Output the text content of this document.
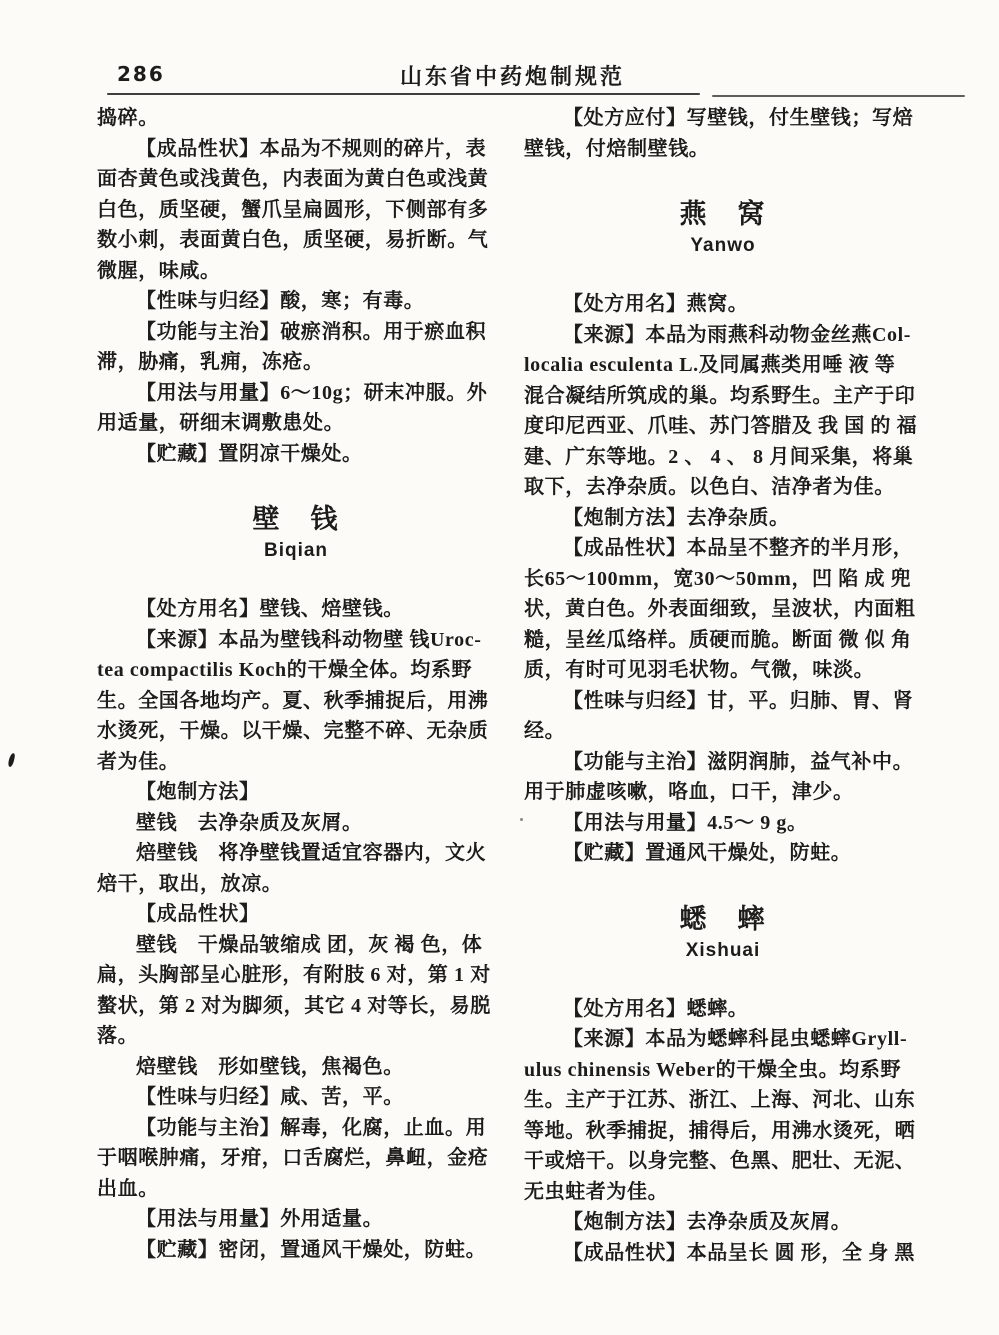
286	山东省中药炮制规范
捣碎。
【成品性状】本品为不规则的碎片，表
面杏黄色或浅黄色，内表面为黄白色或浅黄
白色，质坚硬，蟹爪呈扁圆形，下侧部有多
数小刺，表面黄白色，质坚硬，易折断。气
微腥，味咸。
【性味与归经】酸，寒；有毒。
【功能与主治】破瘀消积。用于瘀血积
滞，胁痛，乳痈，冻疮。
【用法与用量】6～10g；研末冲服。外
用适量，研细末调敷患处。
【贮藏】置阴凉干燥处。
壁　钱
Biqian
【处方用名】壁钱、焙壁钱。
【来源】本品为壁钱科动物壁 钱Uroc-
tea compactilis Koch的干燥全体。均系野
生。全国各地均产。夏、秋季捕捉后，用沸
水烫死，干燥。以干燥、完整不碎、无杂质
者为佳。
【炮制方法】
壁钱　去净杂质及灰屑。
焙壁钱　将净壁钱置适宜容器内，文火
焙干，取出，放凉。
【成品性状】
壁钱　干燥品皱缩成 团，灰 褐 色，体
扁，头胸部呈心脏形，有附肢 6 对，第 1 对
螯状，第 2 对为脚须，其它 4 对等长，易脱
落。
焙壁钱　形如壁钱，焦褐色。
【性味与归经】咸、苦，平。
【功能与主治】解毒，化腐，止血。用
于咽喉肿痛，牙疳，口舌腐烂，鼻衄，金疮
出血。
【用法与用量】外用适量。
【贮藏】密闭，置通风干燥处，防蛀。
【处方应付】写壁钱，付生壁钱；写焙
壁钱，付焙制壁钱。
燕　窝
Yanwo
【处方用名】燕窝。
【来源】本品为雨燕科动物金丝燕Col-
localia esculenta L.及同属燕类用唾 液 等
混合凝结所筑成的巢。均系野生。主产于印
度印尼西亚、爪哇、苏门答腊及 我 国 的 福
建、广东等地。2 、 4 、 8 月间采集，将巢
取下，去净杂质。以色白、洁净者为佳。
【炮制方法】去净杂质。
【成品性状】本品呈不整齐的半月形，
长65～100mm，宽30～50mm，凹 陷 成 兜
状，黄白色。外表面细致，呈波状，内面粗
糙，呈丝瓜络样。质硬而脆。断面 微 似 角
质，有时可见羽毛状物。气微，味淡。
【性味与归经】甘，平。归肺、胃、肾
经。
【功能与主治】滋阴润肺，益气补中。
用于肺虚咳嗽，咯血，口干，津少。
【用法与用量】4.5～ 9 g。
【贮藏】置通风干燥处，防蛀。
蟋　蟀
Xishuai
【处方用名】蟋蟀。
【来源】本品为蟋蟀科昆虫蟋蟀Gryll-
ulus chinensis Weber的干燥全虫。均系野
生。主产于江苏、浙江、上海、河北、山东
等地。秋季捕捉，捕得后，用沸水烫死，晒
干或焙干。以身完整、色黑、肥壮、无泥、
无虫蛀者为佳。
【炮制方法】去净杂质及灰屑。
【成品性状】本品呈长 圆 形，全 身 黑
